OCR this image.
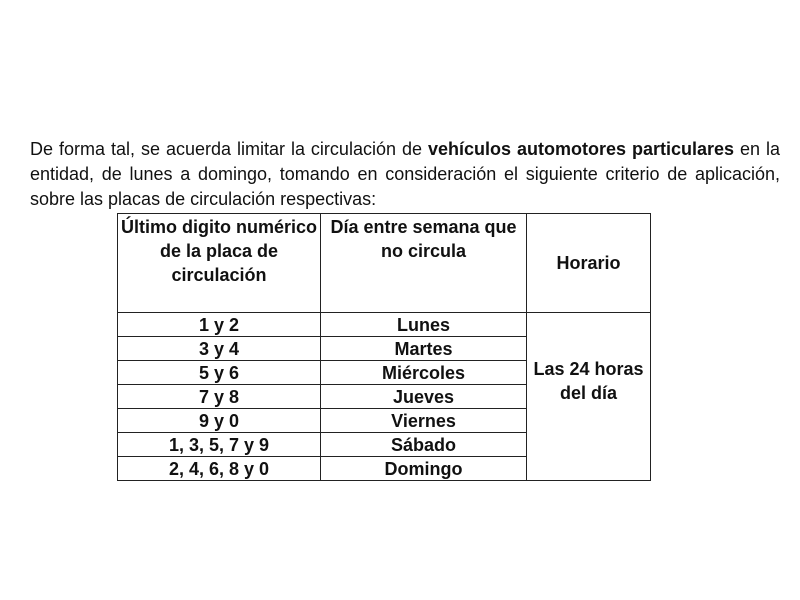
De forma tal, se acuerda limitar la circulación de vehículos automotores particulares en la entidad, de lunes a domingo, tomando en consideración el siguiente criterio de aplicación, sobre las placas de circulación respectivas:

Último digito numérico de la placa de circulación	Día entre semana que no circula	Horario
1 y 2	Lunes	Las 24 horas del día
3 y 4	Martes	
5 y 6	Miércoles	
7 y 8	Jueves	
9 y 0	Viernes	
1, 3, 5, 7 y 9	Sábado	
2, 4, 6, 8 y 0	Domingo	
